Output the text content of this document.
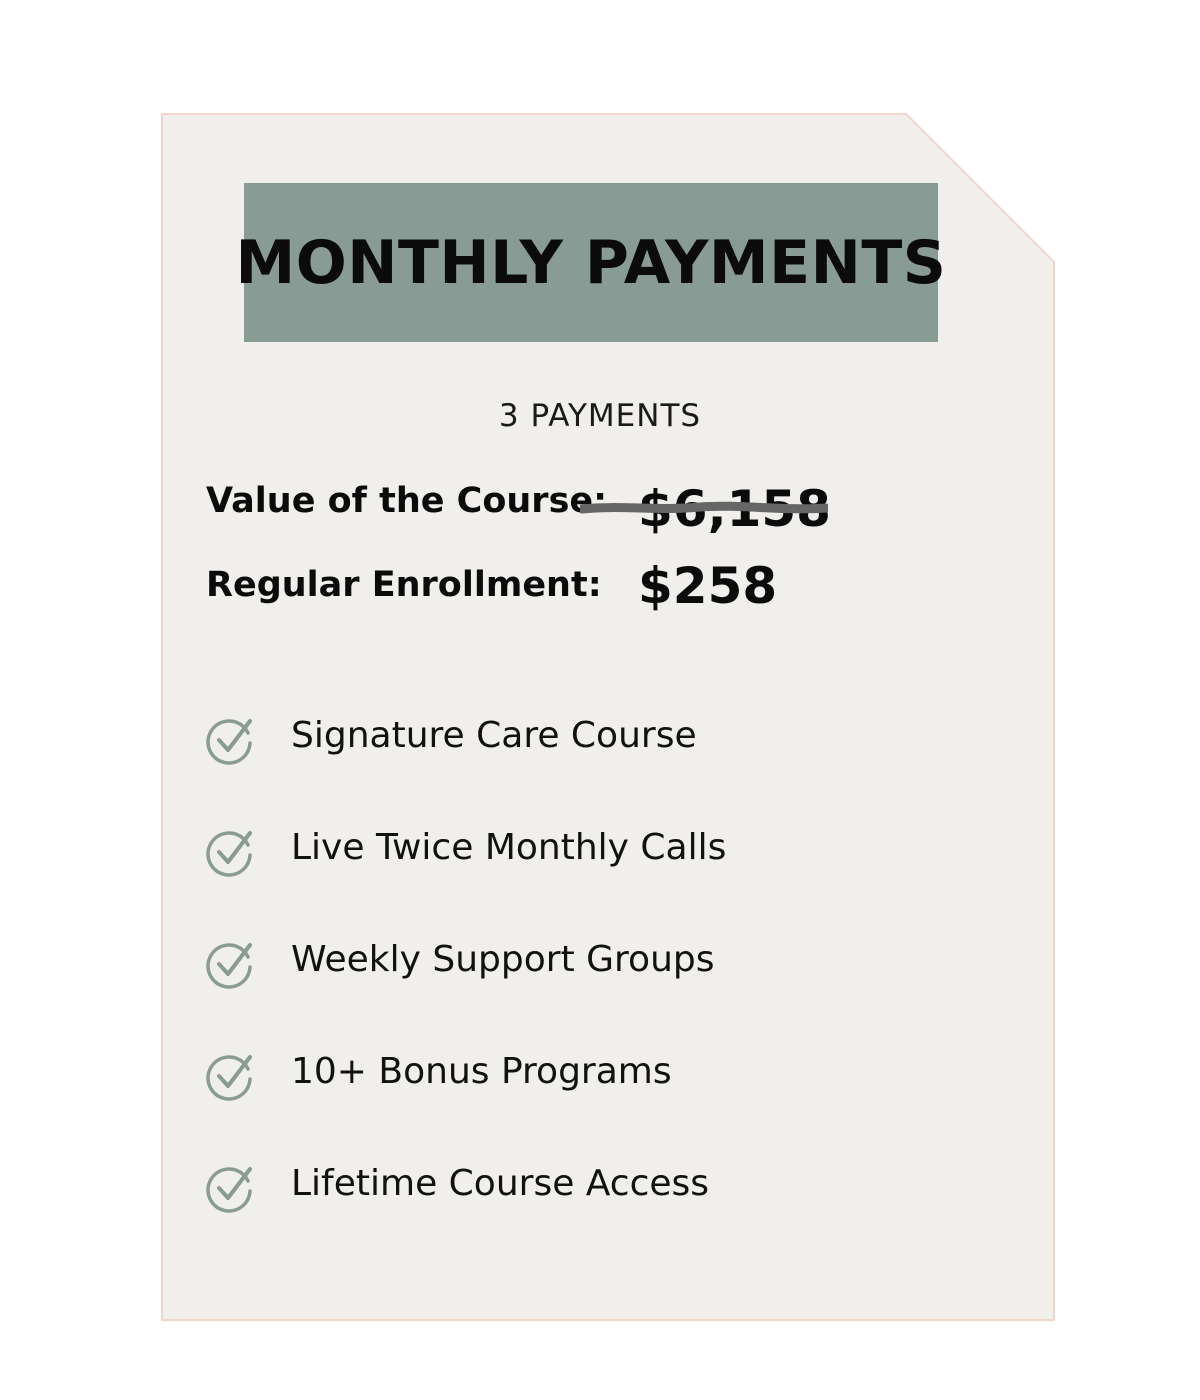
MONTHLY PAYMENTS
3 PAYMENTS
Value of the Course: $6,158
Regular Enrollment: $258
Signature Care Course
Live Twice Monthly Calls
Weekly Support Groups
10+ Bonus Programs
Lifetime Course Access
